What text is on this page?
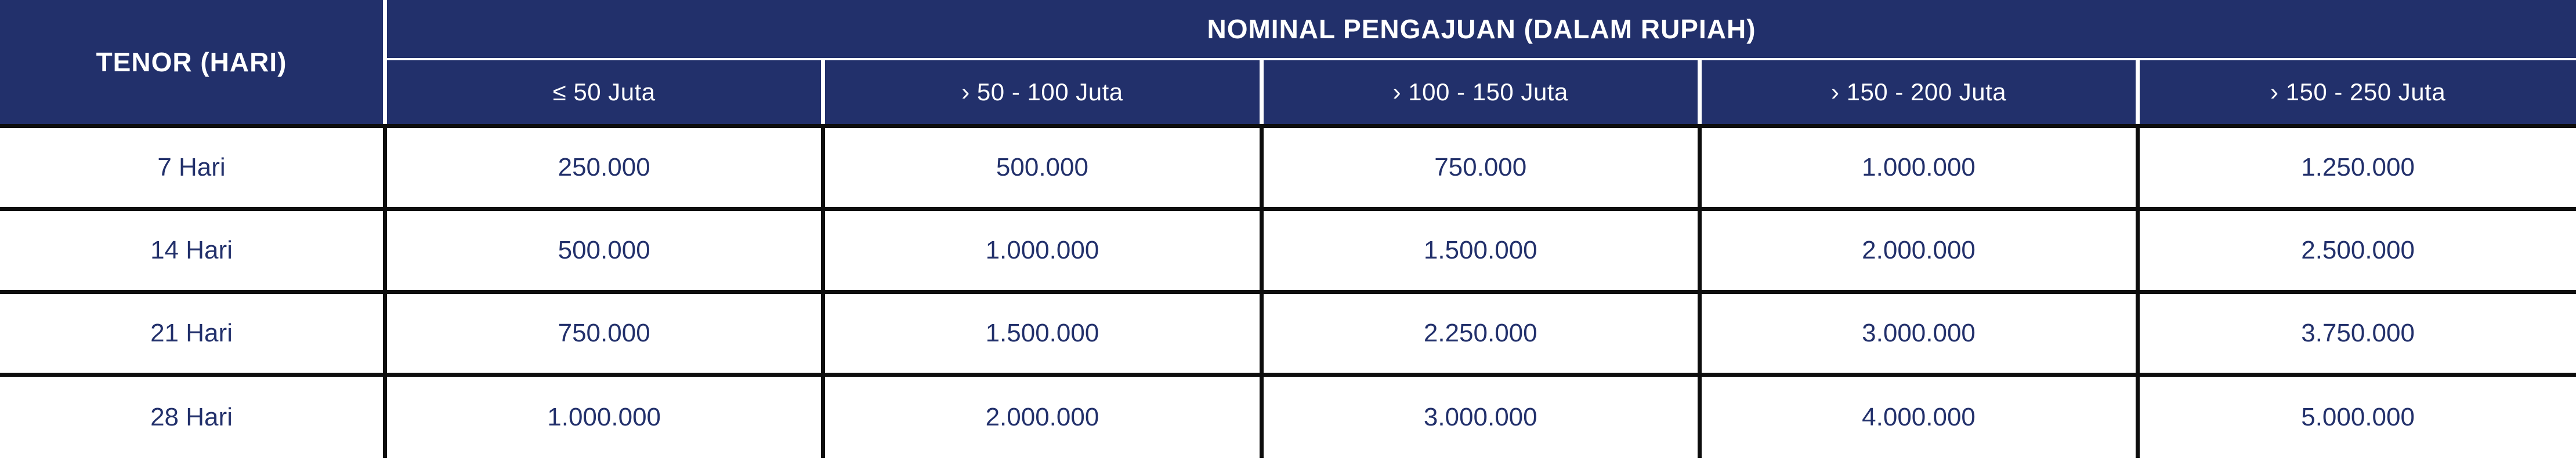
TENOR (HARI)	NOMINAL PENGAJUAN (DALAM RUPIAH)				
	≤ 50 Juta	› 50 - 100 Juta	› 100 - 150 Juta	› 150 - 200 Juta	› 150 - 250 Juta
7 Hari	250.000	500.000	750.000	1.000.000	1.250.000
14 Hari	500.000	1.000.000	1.500.000	2.000.000	2.500.000
21 Hari	750.000	1.500.000	2.250.000	3.000.000	3.750.000
28 Hari	1.000.000	2.000.000	3.000.000	4.000.000	5.000.000
